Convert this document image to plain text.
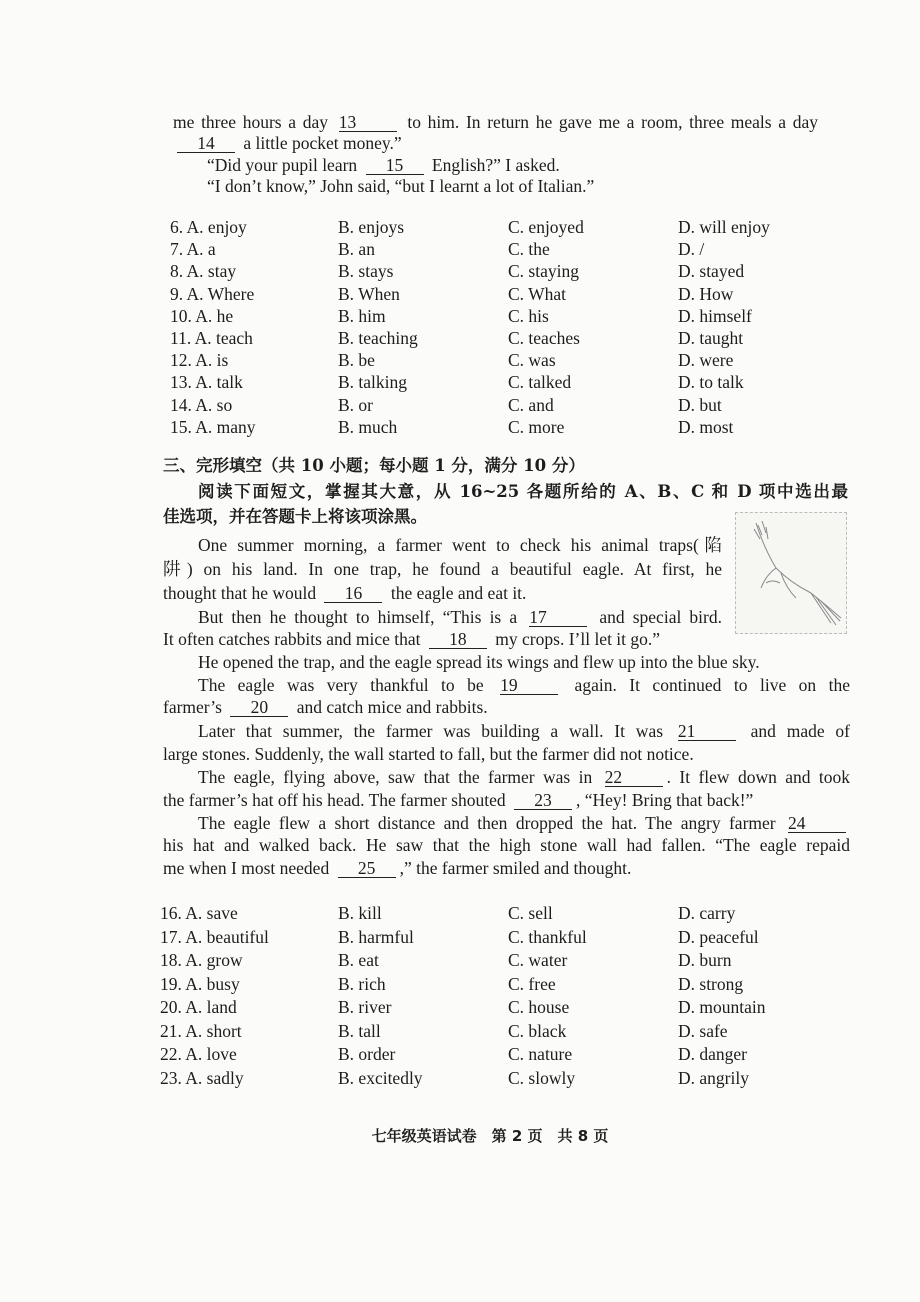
me three hours a day 13	to him. In return he gave me a room, three meals a day
14 a little pocket money.”
“Did your pupil learn 15 English?” I asked.
“I don’t know,” John said, “but I learnt a lot of Italian.”
6. A. enjoy	B. enjoys	C. enjoyed	D. will enjoy
7. A. a	B. an	C. the	D. /
8. A. stay	B. stays	C. staying	D. stayed
9. A. Where	B. When	C. What	D. How
10. A. he	B. him	C. his	D. himself
11. A. teach	B. teaching	C. teaches	D. taught
12. A. is	B. be	C. was	D. were
13. A. talk	B. talking	C. talked	D. to talk
14. A. so	B. or	C. and	D. but
15. A. many	B. much	C. more	D. most
三、完形填空（共 10 小题；每小题 1 分，满分 10 分）
阅读下面短文，掌握其大意，从 16~25 各题所给的 A、B、C 和 D 项中选出最
佳选项，并在答题卡上将该项涂黑。
One summer morning, a farmer went to check his animal traps(陷
阱) on his land. In one trap, he found a beautiful eagle. At first, he
thought that he would 16 the eagle and eat it.
But then he thought to himself, “This is a 17	and special bird.
It often catches rabbits and mice that 18 my crops. I’ll let it go.”
He opened the trap, and the eagle spread its wings and flew up into the blue sky.
The eagle was very thankful to be 19	again. It continued to live on the
farmer’s 20 and catch mice and rabbits.
Later that summer, the farmer was building a wall. It was 21	and made of
large stones. Suddenly, the wall started to fall, but the farmer did not notice.
The eagle, flying above, saw that the farmer was in 22	. It flew down and took
the farmer’s hat off his head. The farmer shouted 23 , “Hey! Bring that back!”
The eagle flew a short distance and then dropped the hat. The angry farmer 24
his hat and walked back. He saw that the high stone wall had fallen. “The eagle repaid
me when I most needed 25 ,” the farmer smiled and thought.
16. A. save	B. kill	C. sell	D. carry
17. A. beautiful	B. harmful	C. thankful	D. peaceful
18. A. grow	B. eat	C. water	D. burn
19. A. busy	B. rich	C. free	D. strong
20. A. land	B. river	C. house	D. mountain
21. A. short	B. tall	C. black	D. safe
22. A. love	B. order	C. nature	D. danger
23. A. sadly	B. excitedly	C. slowly	D. angrily
七年级英语试卷　第 2 页　共 8 页
